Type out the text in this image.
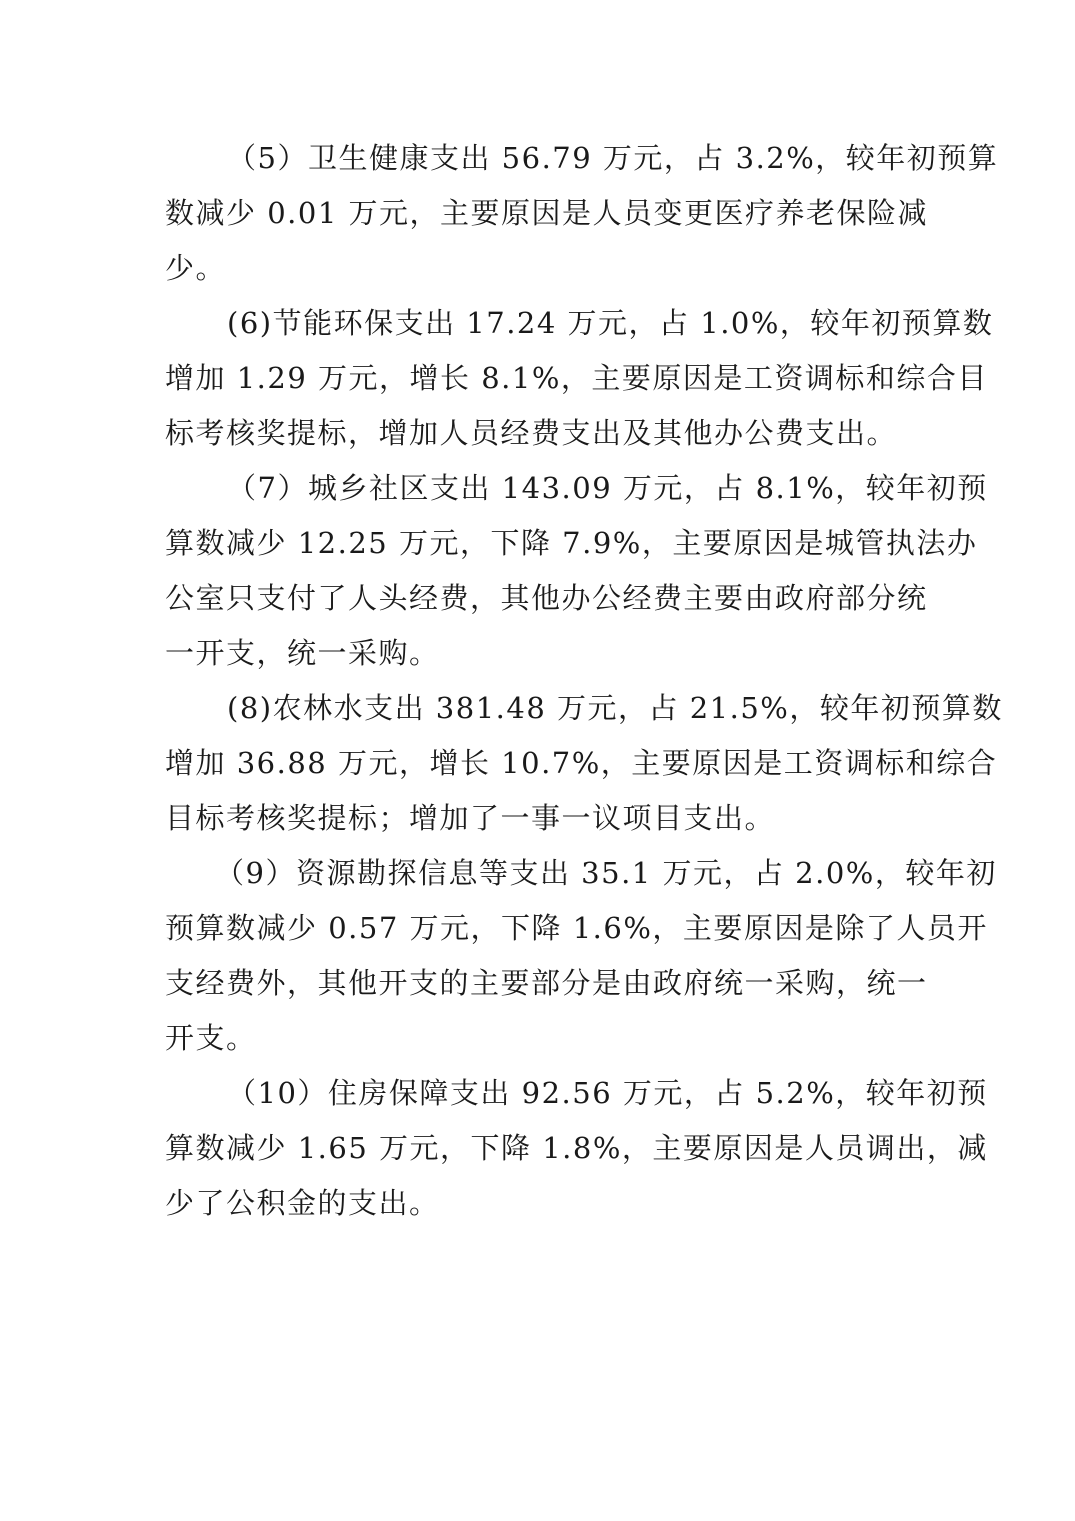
（5）卫生健康支出 56.79 万元，占 3.2%，较年初预算
数减少 0.01 万元，主要原因是人员变更医疗养老保险减
少。
(6)节能环保支出 17.24 万元，占 1.0%，较年初预算数
增加 1.29 万元，增长 8.1%，主要原因是工资调标和综合目
标考核奖提标，增加人员经费支出及其他办公费支出。
（7）城乡社区支出 143.09 万元，占 8.1%，较年初预
算数减少 12.25 万元，下降 7.9%，主要原因是城管执法办
公室只支付了人头经费，其他办公经费主要由政府部分统
一开支，统一采购。
(8)农林水支出 381.48 万元，占 21.5%，较年初预算数
增加 36.88 万元，增长 10.7%，主要原因是工资调标和综合
目标考核奖提标；增加了一事一议项目支出。
（9）资源勘探信息等支出 35.1 万元，占 2.0%，较年初
预算数减少 0.57 万元，下降 1.6%，主要原因是除了人员开
支经费外，其他开支的主要部分是由政府统一采购，统一
开支。
（10）住房保障支出 92.56 万元，占 5.2%，较年初预
算数减少 1.65 万元，下降 1.8%，主要原因是人员调出，减
少了公积金的支出。
